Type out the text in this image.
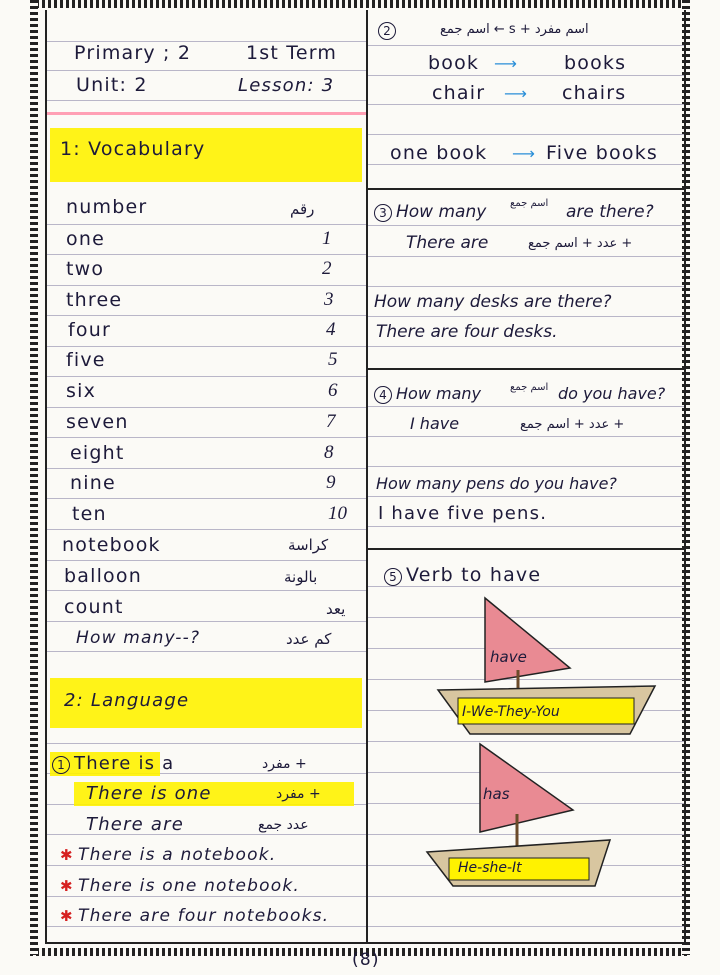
Primary ; 2	1st Term
Unit: 2	Lesson: 3
1: Vocabulary
number	رقم
one	1
two	2
three	3
four	4
five	5
six	6
seven	7
eight	8
nine	9
ten	10
notebook	كراسة
balloon	بالونة
count	يعد
How many--?	كم عدد
2: Language
1 There is a	+ مفرد
There is one	+ مفرد
There are	عدد جمع
✱ There is a notebook.
✱ There is one notebook.
✱ There are four notebooks.
2	اسم مفرد + s ← اسم جمع
book ⟶ books
chair ⟶ chairs
one book ⟶ Five books
3 How many اسم جمع are there?
There are	+ عدد + اسم جمع
How many desks are there?
There are four desks.
4 How many	اسم جمع do you have?
I have	+ عدد + اسم جمع
How many pens do you have?
I have five pens.
5 Verb to have
have
I-We-They-You
has
He-she-It
(8)
